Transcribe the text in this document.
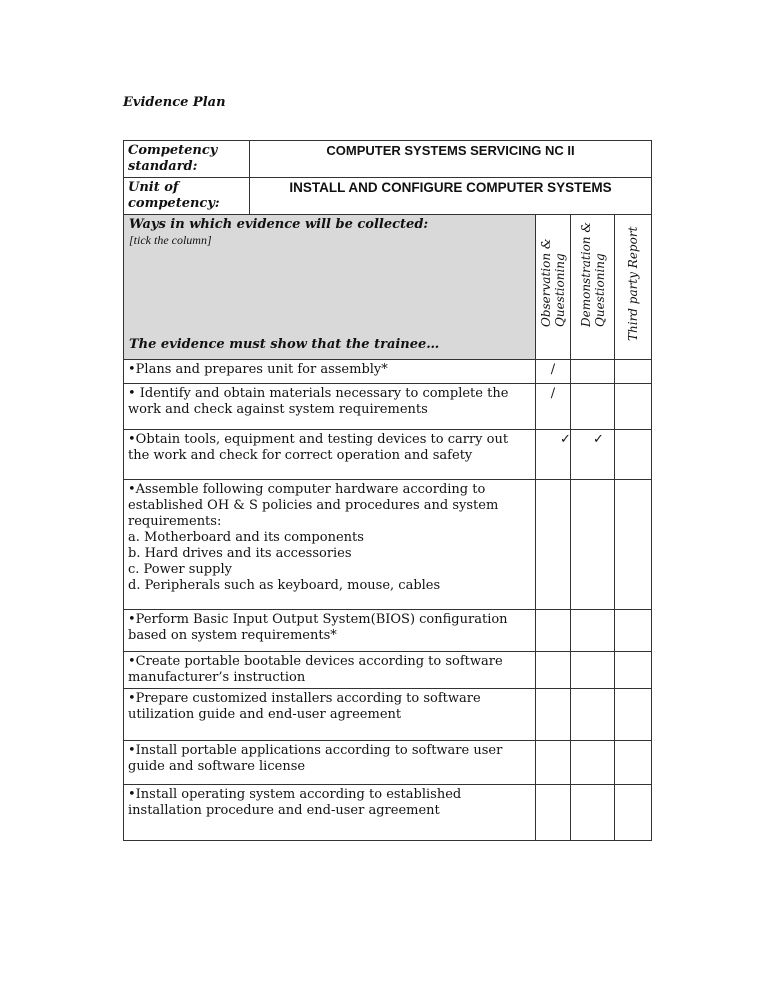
Evidence Plan
Competency standard:	COMPUTER SYSTEMS SERVICING NC II			
Unit of competency:	INSTALL AND CONFIGURE COMPUTER SYSTEMS			

Ways in which evidence will be collected:
[tick the column]
The evidence must show that the trainee…		Observation & Questioning	Demonstration & Questioning	Third party Report

•Plans and prepares unit for assembly*		/		
• Identify and obtain materials necessary to complete the work and check against system requirements		/		
•Obtain tools, equipment and testing devices to carry out the work and check for correct operation and safety		✓	✓	
•Assemble following computer hardware according to established OH & S policies and procedures and system requirements:
a. Motherboard and its components
b. Hard drives and its accessories
c. Power supply
d. Peripherals such as keyboard, mouse, cables				
•Perform Basic Input Output System(BIOS) configuration based on system requirements*				
•Create portable bootable devices according to software manufacturer’s instruction				
•Prepare customized installers according to software utilization guide and end-user agreement				
•Install portable applications according to software user guide and software license				
•Install operating system according to established installation procedure and end-user agreement				
